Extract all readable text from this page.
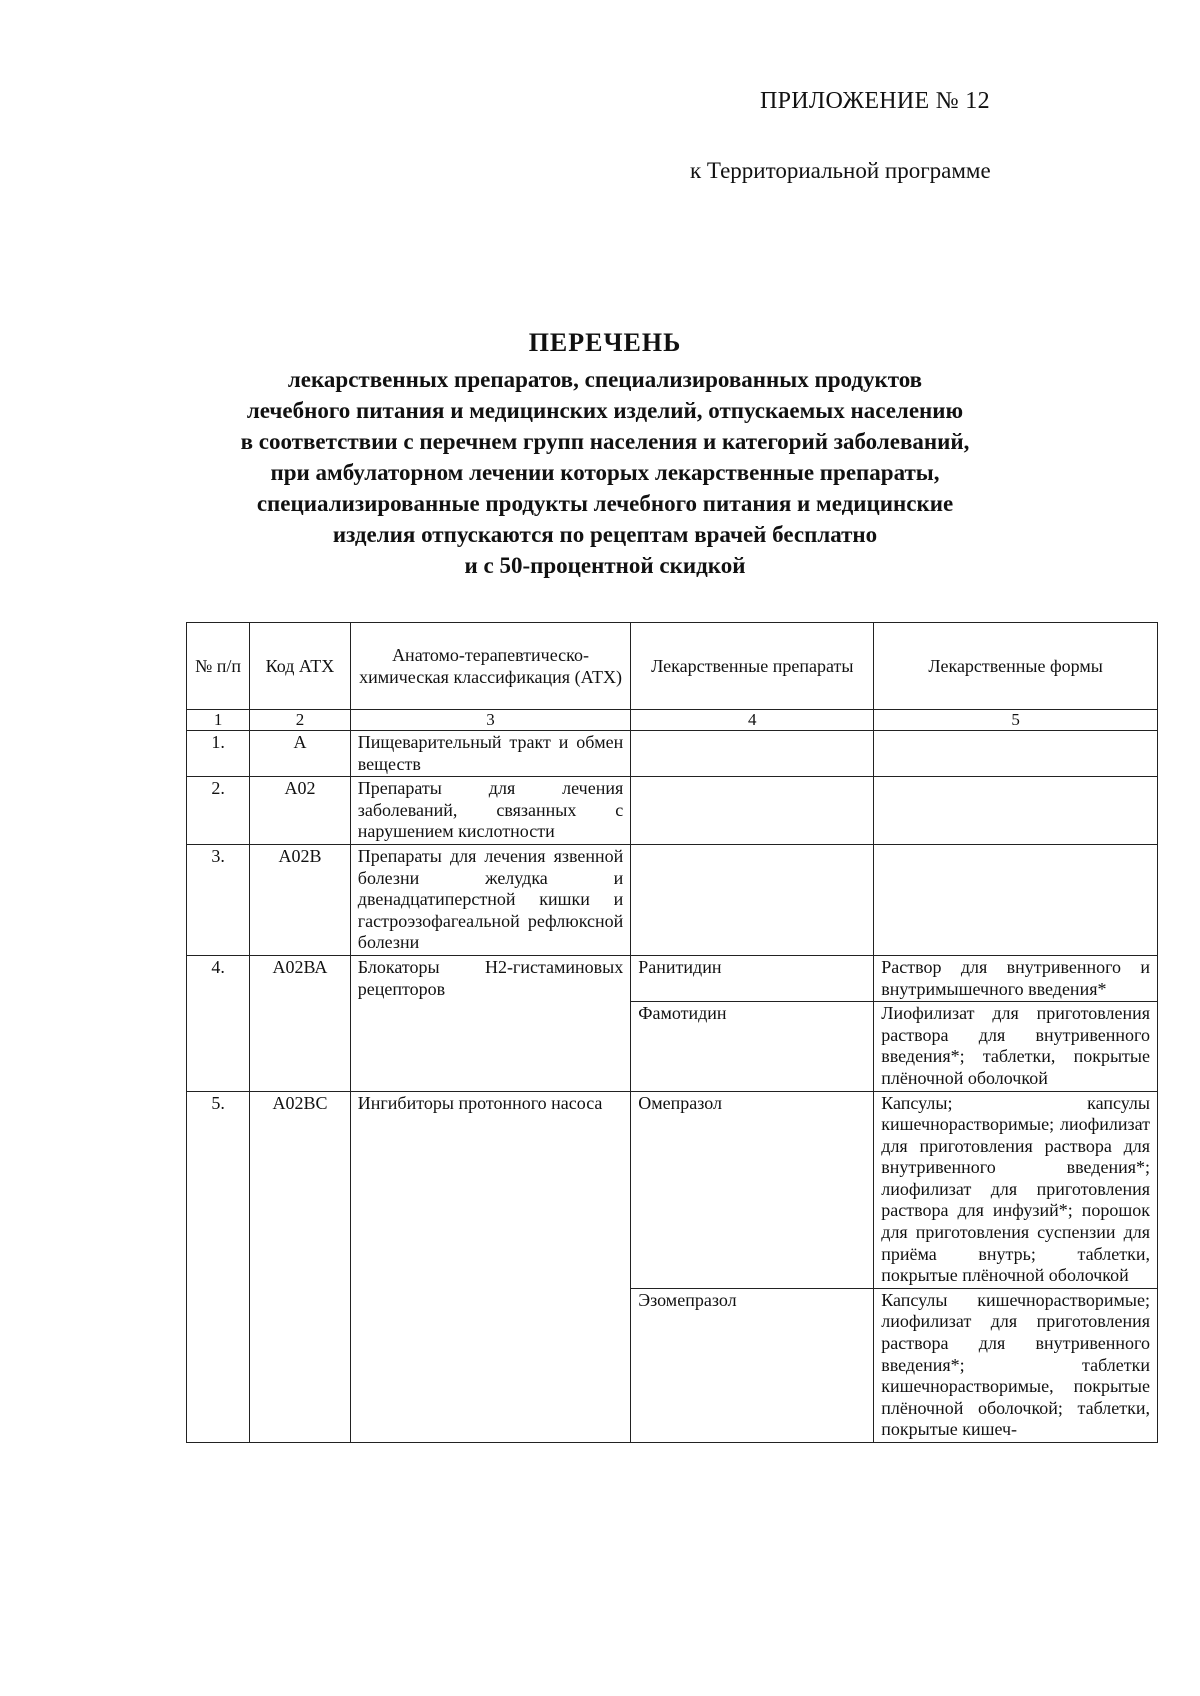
ПРИЛОЖЕНИЕ № 12
к Территориальной программе
ПЕРЕЧЕНЬ
лекарственных препаратов, специализированных продуктов
лечебного питания и медицинских изделий, отпускаемых населению
в соответствии с перечнем групп населения и категорий заболеваний,
при амбулаторном лечении которых лекарственные препараты,
специализированные продукты лечебного питания и медицинские
изделия отпускаются по рецептам врачей бесплатно
и с 50-процентной скидкой
№ п/п	Код АТХ	Анатомо-терапевтическо-химическая классификация (АТХ)	Лекарственные препараты	Лекарственные формы
1	2	3	4	5
1.	А	Пищеварительный тракт и обмен веществ		
2.	А02	Препараты для лечения заболеваний, связанных с нарушением кислотности		
3.	А02В	Препараты для лечения язвенной болезни желудка и двенадцатиперстной кишки и гастроэзофагеальной рефлюксной болезни		
4.	А02ВА	Блокаторы Н2-гистаминовых рецепторов	Ранитидин	Раствор для внутривенного и внутримышечного введения*
			Фамотидин	Лиофилизат для приготовления раствора для внутривенного введения*; таблетки, покрытые плёночной оболочкой
5.	А02ВС	Ингибиторы протонного насоса	Омепразол	Капсулы; капсулы кишечнорастворимые; лиофилизат для приготовления раствора для внутривенного введения*; лиофилизат для приготовления раствора для инфузий*; порошок для приготовления суспензии для приёма внутрь; таблетки, покрытые плёночной оболочкой
			Эзомепразол	Капсулы кишечнорастворимые; лиофилизат для приготовления раствора для внутривенного введения*; таблетки кишечнорастворимые, покрытые плёночной оболочкой; таблетки, покрытые кишеч-
